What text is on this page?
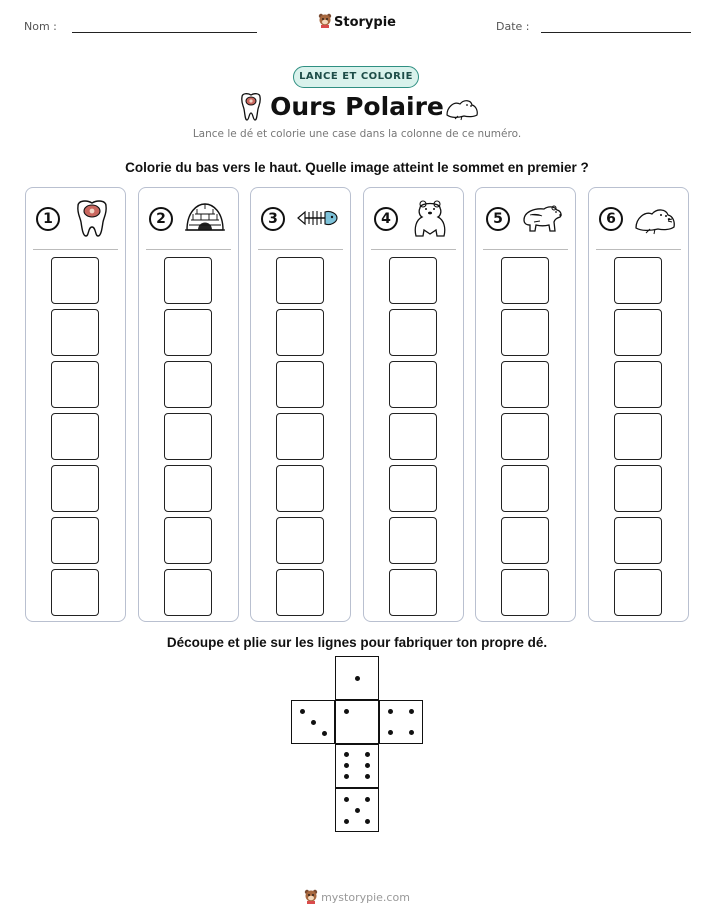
Nom :	Storypie	Date :
LANCE ET COLORIE
Ours Polaire
Lance le dé et colorie une case dans la colonne de ce numéro.
Colorie du bas vers le haut. Quelle image atteint le sommet en premier ?
1	2	3	4	5	6
Découpe et plie sur les lignes pour fabriquer ton propre dé.
mystorypie.com
